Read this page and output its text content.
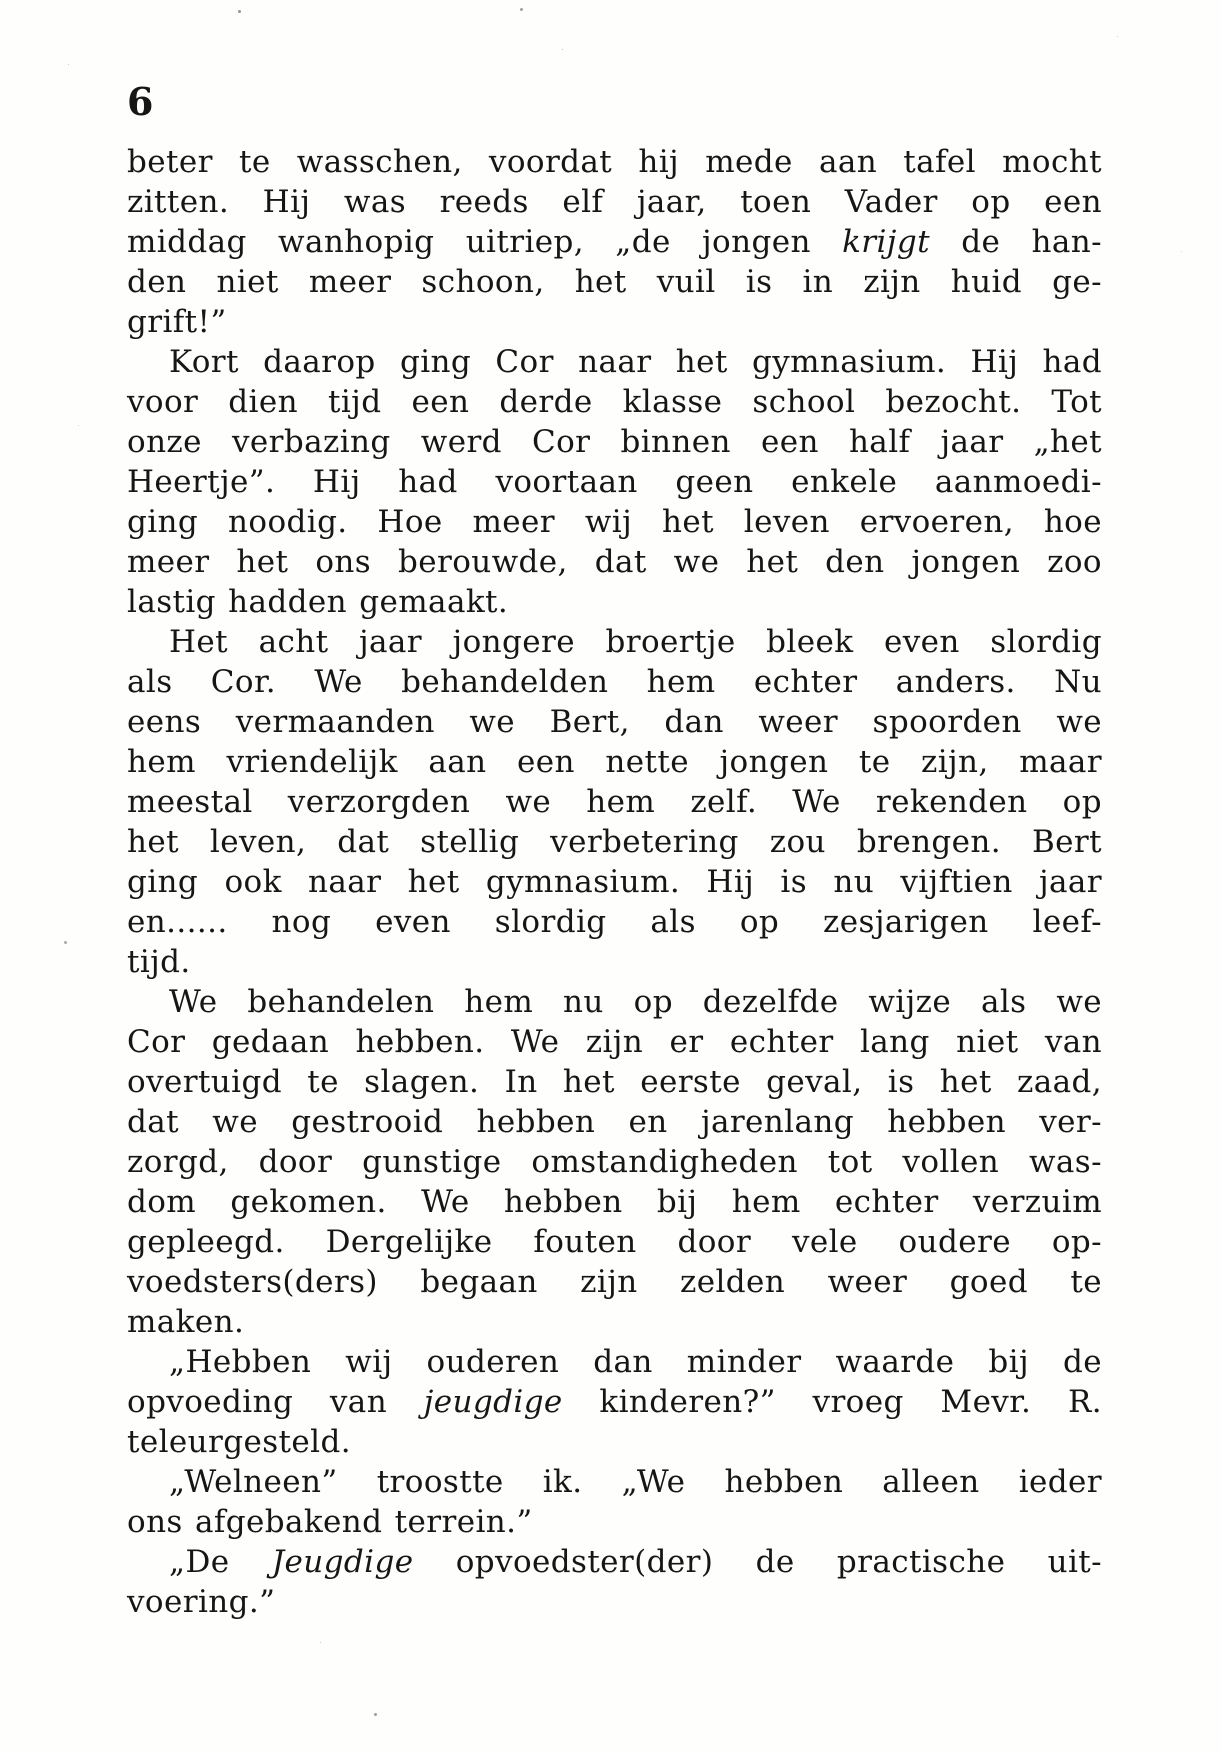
6
beter te wasschen, voordat hij mede aan tafel mocht
zitten. Hij was reeds elf jaar, toen Vader op een
middag wanhopig uitriep, „de jongen krijgt de han-
den niet meer schoon, het vuil is in zijn huid ge-
grift!”
Kort daarop ging Cor naar het gymnasium. Hij had
voor dien tijd een derde klasse school bezocht. Tot
onze verbazing werd Cor binnen een half jaar „het
Heertje”. Hij had voortaan geen enkele aanmoedi-
ging noodig. Hoe meer wij het leven ervoeren, hoe
meer het ons berouwde, dat we het den jongen zoo
lastig hadden gemaakt.
Het acht jaar jongere broertje bleek even slordig
als Cor. We behandelden hem echter anders. Nu
eens vermaanden we Bert, dan weer spoorden we
hem vriendelijk aan een nette jongen te zijn, maar
meestal verzorgden we hem zelf. We rekenden op
het leven, dat stellig verbetering zou brengen. Bert
ging ook naar het gymnasium. Hij is nu vijftien jaar
en...... nog even slordig als op zesjarigen leef-
tijd.
We behandelen hem nu op dezelfde wijze als we
Cor gedaan hebben. We zijn er echter lang niet van
overtuigd te slagen. In het eerste geval, is het zaad,
dat we gestrooid hebben en jarenlang hebben ver-
zorgd, door gunstige omstandigheden tot vollen was-
dom gekomen. We hebben bij hem echter verzuim
gepleegd. Dergelijke fouten door vele oudere op-
voedsters(ders) begaan zijn zelden weer goed te
maken.
„Hebben wij ouderen dan minder waarde bij de
opvoeding van jeugdige kinderen?” vroeg Mevr. R.
teleurgesteld.
„Welneen” troostte ik. „We hebben alleen ieder
ons afgebakend terrein.”
„De Jeugdige opvoedster(der) de practische uit-
voering.”
